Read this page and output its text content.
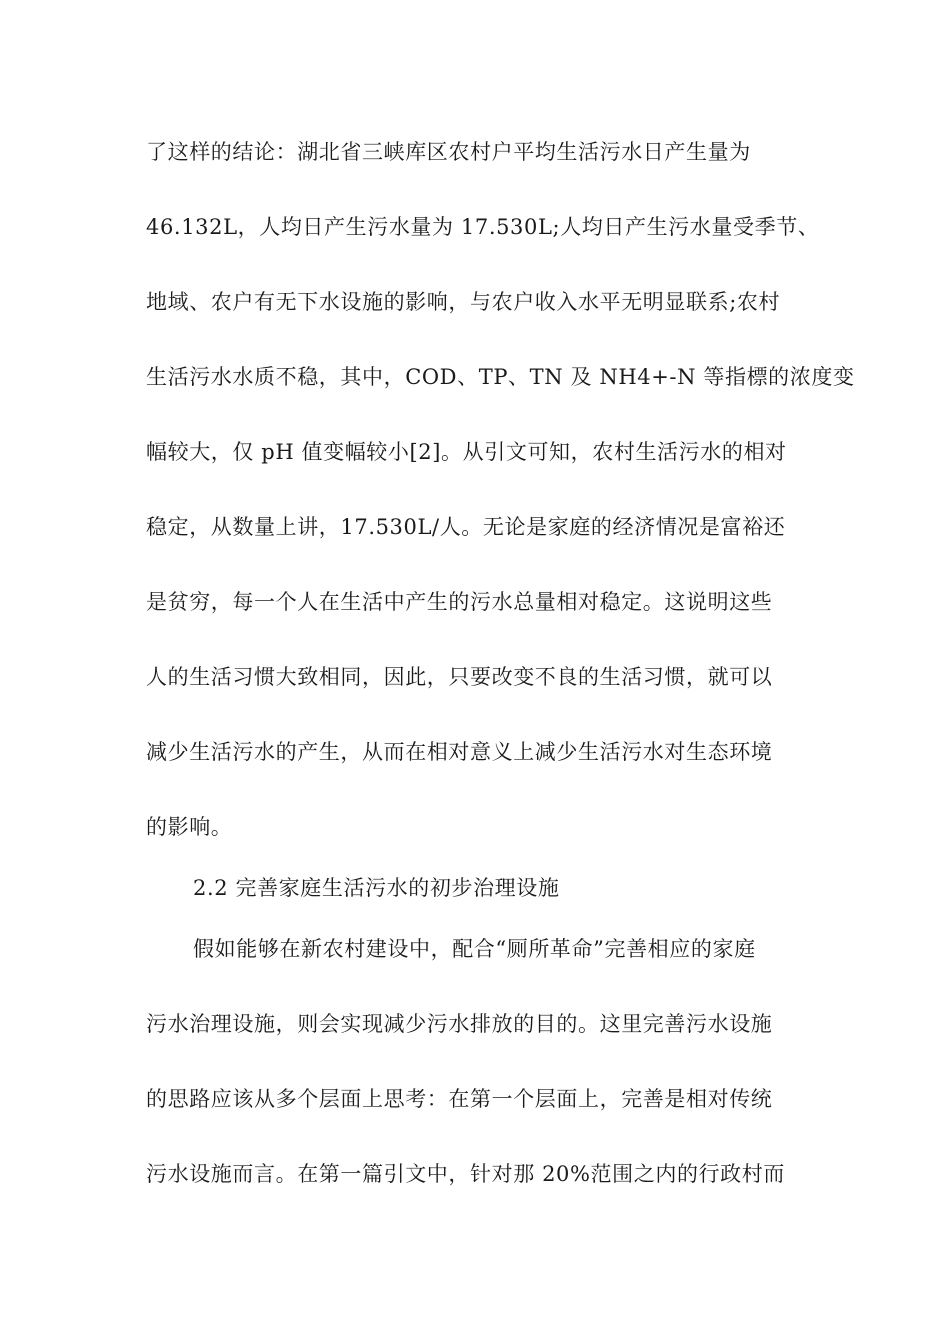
了这样的结论：湖北省三峡库区农村户平均生活污水日产生量为
46.132L，人均日产生污水量为 17.530L;人均日产生污水量受季节、
地域、农户有无下水设施的影响，与农户收入水平无明显联系;农村
生活污水水质不稳，其中，COD、TP、TN 及 NH4+-N 等指標的浓度变
幅较大，仅 pH 值变幅较小[2]。从引文可知，农村生活污水的相对
稳定，从数量上讲，17.530L/人。无论是家庭的经济情况是富裕还
是贫穷，每一个人在生活中产生的污水总量相对稳定。这说明这些
人的生活习惯大致相同，因此，只要改变不良的生活习惯，就可以
减少生活污水的产生，从而在相对意义上减少生活污水对生态环境
的影响。
2.2 完善家庭生活污水的初步治理设施
假如能够在新农村建设中，配合“厕所革命”完善相应的家庭
污水治理设施，则会实现减少污水排放的目的。这里完善污水设施
的思路应该从多个层面上思考：在第一个层面上，完善是相对传统
污水设施而言。在第一篇引文中，针对那 20%范围之内的行政村而
